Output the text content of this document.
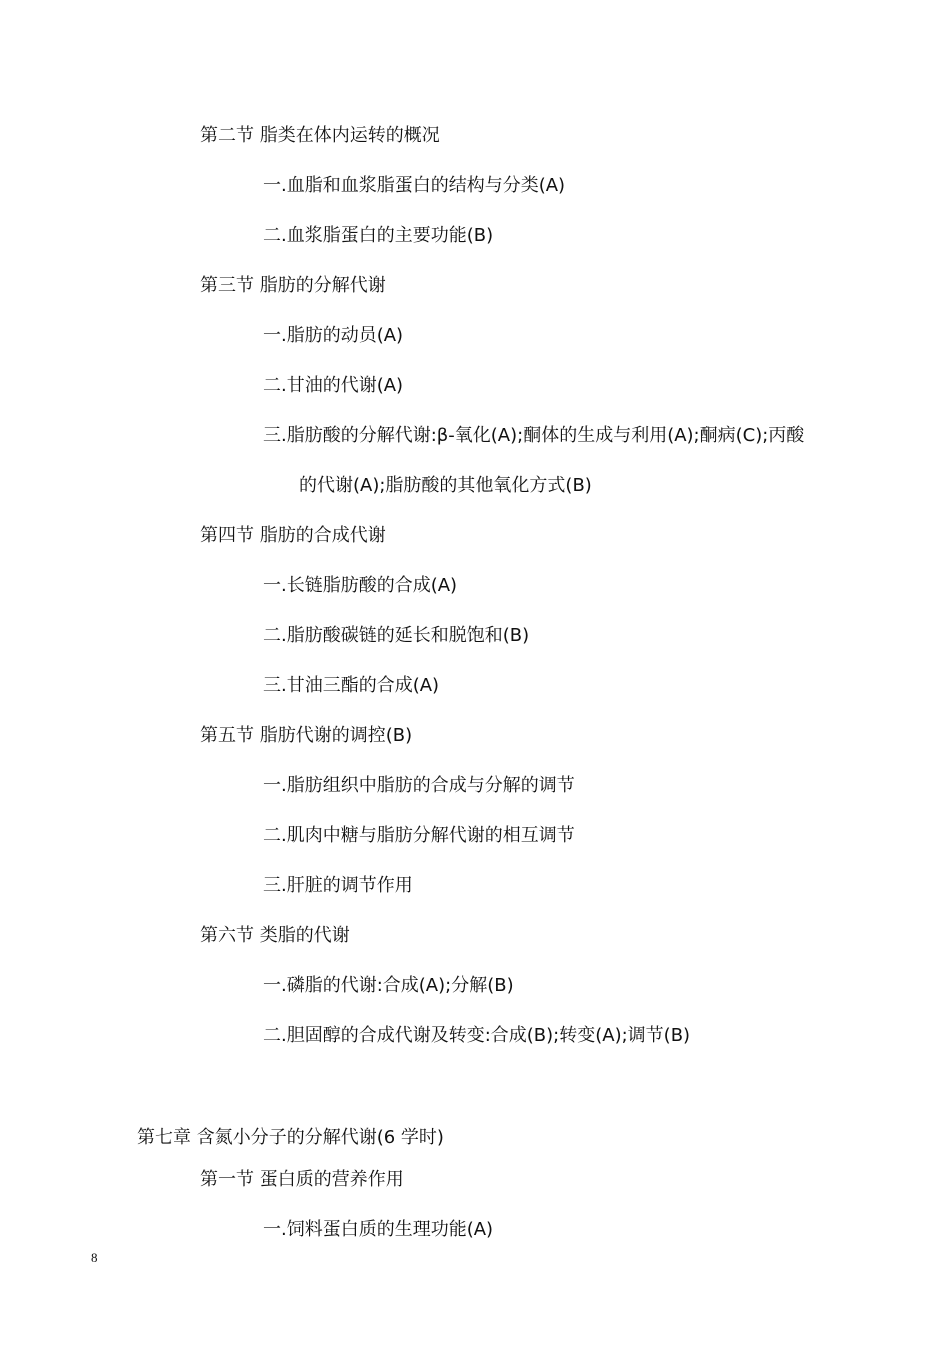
第二节 脂类在体内运转的概况
一.血脂和血浆脂蛋白的结构与分类(A)
二.血浆脂蛋白的主要功能(B)
第三节 脂肪的分解代谢
一.脂肪的动员(A)
二.甘油的代谢(A)
三.脂肪酸的分解代谢:β-氧化(A);酮体的生成与利用(A);酮病(C);丙酸
的代谢(A);脂肪酸的其他氧化方式(B)
第四节 脂肪的合成代谢
一.长链脂肪酸的合成(A)
二.脂肪酸碳链的延长和脱饱和(B)
三.甘油三酯的合成(A)
第五节 脂肪代谢的调控(B)
一.脂肪组织中脂肪的合成与分解的调节
二.肌肉中糖与脂肪分解代谢的相互调节
三.肝脏的调节作用
第六节 类脂的代谢
一.磷脂的代谢:合成(A);分解(B)
二.胆固醇的合成代谢及转变:合成(B);转变(A);调节(B)
第七章 含氮小分子的分解代谢(6 学时)
第一节 蛋白质的营养作用
一.饲料蛋白质的生理功能(A)
8
